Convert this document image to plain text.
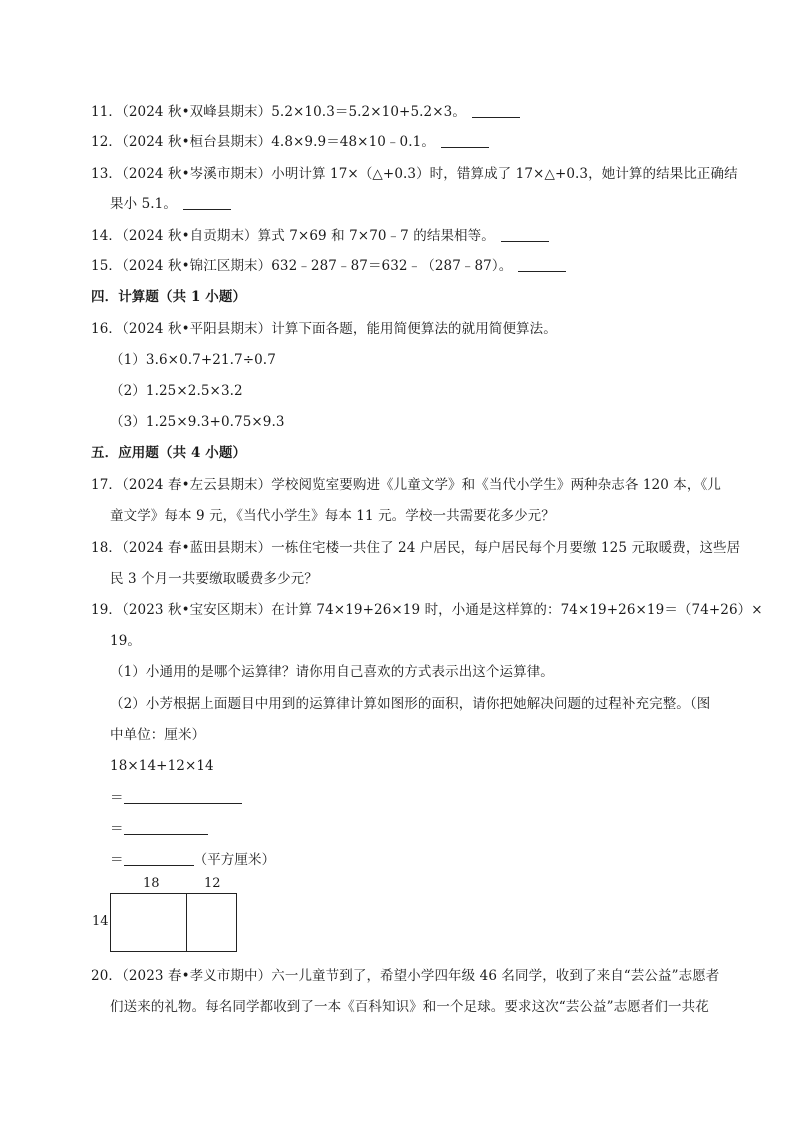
11．（2024 秋•双峰县期末）5.2×10.3＝5.2×10+5.2×3。
12．（2024 秋•桓台县期末）4.8×9.9＝48×10﹣0.1。
13．（2024 秋•岑溪市期末）小明计算 17×（△+0.3）时，错算成了 17×△+0.3，她计算的结果比正确结
果小 5.1。
14．（2024 秋•自贡期末）算式 7×69 和 7×70﹣7 的结果相等。
15．（2024 秋•锦江区期末）632﹣287﹣87＝632﹣（287﹣87）。
四．计算题（共 1 小题）
16．（2024 秋•平阳县期末）计算下面各题，能用简便算法的就用简便算法。
（1）3.6×0.7+21.7÷0.7
（2）1.25×2.5×3.2
（3）1.25×9.3+0.75×9.3
五．应用题（共 4 小题）
17．（2024 春•左云县期末）学校阅览室要购进《儿童文学》和《当代小学生》两种杂志各 120 本，《儿
童文学》每本 9 元，《当代小学生》每本 11 元。学校一共需要花多少元？
18．（2024 春•蓝田县期末）一栋住宅楼一共住了 24 户居民，每户居民每个月要缴 125 元取暖费，这些居
民 3 个月一共要缴取暖费多少元？
19．（2023 秋•宝安区期末）在计算 74×19+26×19 时，小通是这样算的：74×19+26×19＝（74+26）×
19。
（1）小通用的是哪个运算律？请你用自己喜欢的方式表示出这个运算律。
（2）小芳根据上面题目中用到的运算律计算如图形的面积，请你把她解决问题的过程补充完整。（图
中单位：厘米）
18×14+12×14
＝
＝
＝	（平方厘米）
18	12
14
20．（2023 春•孝义市期中）六一儿童节到了，希望小学四年级 46 名同学，收到了来自“芸公益”志愿者
们送来的礼物。每名同学都收到了一本《百科知识》和一个足球。要求这次“芸公益”志愿者们一共花
